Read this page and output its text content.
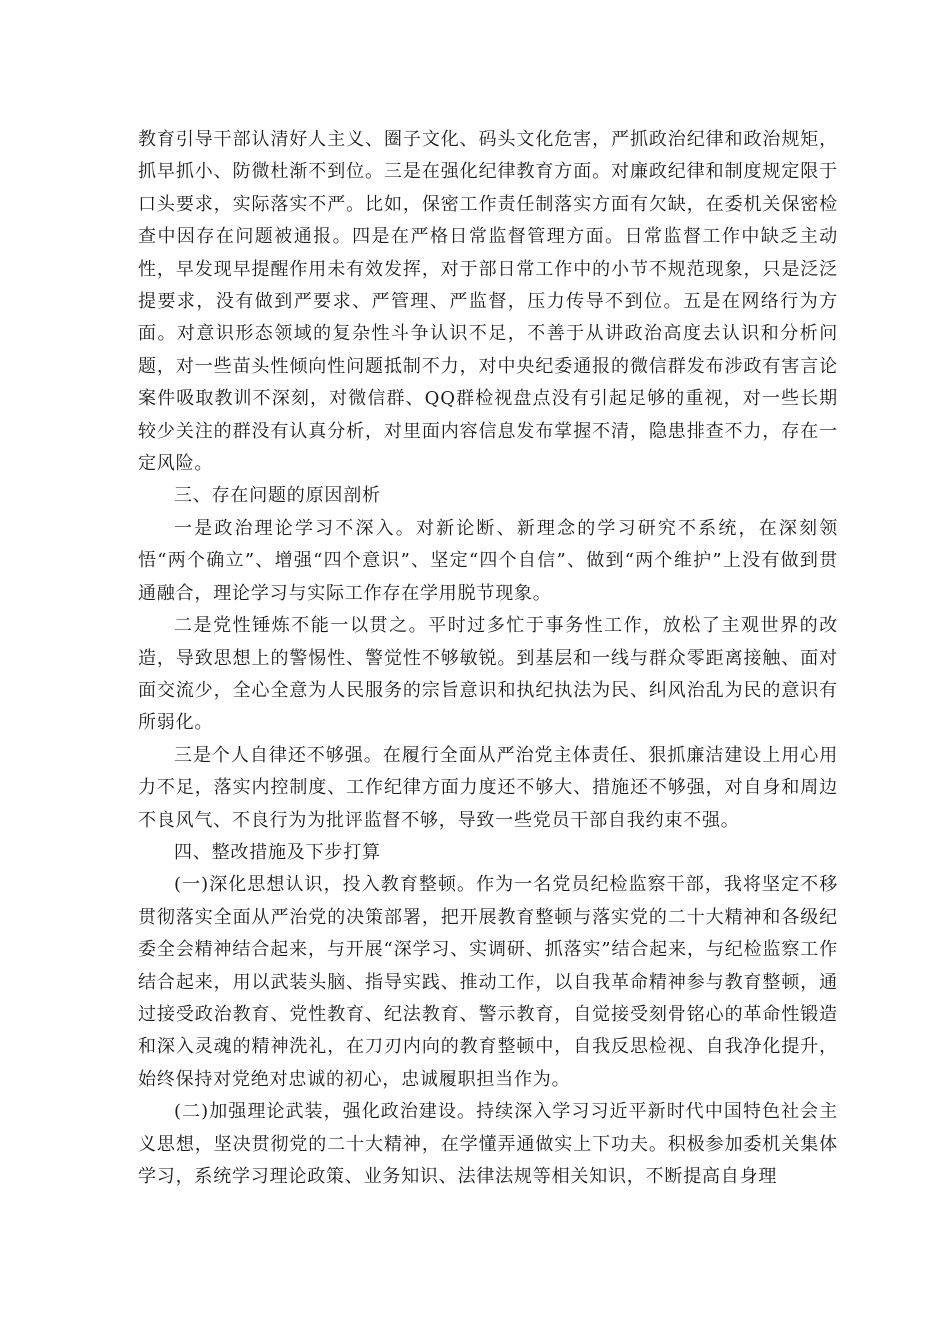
教育引导干部认清好人主义、圈子文化、码头文化危害，严抓政治纪律和政治规矩，抓早抓小、防微杜渐不到位。三是在强化纪律教育方面。对廉政纪律和制度规定限于口头要求，实际落实不严。比如，保密工作责任制落实方面有欠缺，在委机关保密检查中因存在问题被通报。四是在严格日常监督管理方面。日常监督工作中缺乏主动性，早发现早提醒作用未有效发挥，对于部日常工作中的小节不规范现象，只是泛泛提要求，没有做到严要求、严管理、严监督，压力传导不到位。五是在网络行为方面。对意识形态领域的复杂性斗争认识不足，不善于从讲政治高度去认识和分析问题，对一些苗头性倾向性问题抵制不力，对中央纪委通报的微信群发布涉政有害言论案件吸取教训不深刻，对微信群、QQ群检视盘点没有引起足够的重视，对一些长期较少关注的群没有认真分析，对里面内容信息发布掌握不清，隐患排查不力，存在一定风险。

三、存在问题的原因剖析

一是政治理论学习不深入。对新论断、新理念的学习研究不系统，在深刻领悟“两个确立”、增强“四个意识”、坚定“四个自信”、做到“两个维护”上没有做到贯通融合，理论学习与实际工作存在学用脱节现象。

二是党性锤炼不能一以贯之。平时过多忙于事务性工作，放松了主观世界的改造，导致思想上的警惕性、警觉性不够敏锐。到基层和一线与群众零距离接触、面对面交流少，全心全意为人民服务的宗旨意识和执纪执法为民、纠风治乱为民的意识有所弱化。

三是个人自律还不够强。在履行全面从严治党主体责任、狠抓廉洁建设上用心用力不足，落实内控制度、工作纪律方面力度还不够大、措施还不够强，对自身和周边不良风气、不良行为为批评监督不够，导致一些党员干部自我约束不强。

四、整改措施及下步打算

(一)深化思想认识，投入教育整顿。作为一名党员纪检监察干部，我将坚定不移贯彻落实全面从严治党的决策部署，把开展教育整顿与落实党的二十大精神和各级纪委全会精神结合起来，与开展“深学习、实调研、抓落实”结合起来，与纪检监察工作结合起来，用以武装头脑、指导实践、推动工作，以自我革命精神参与教育整顿，通过接受政治教育、党性教育、纪法教育、警示教育，自觉接受刻骨铭心的革命性锻造和深入灵魂的精神洗礼，在刀刃内向的教育整顿中，自我反思检视、自我净化提升，始终保持对党绝对忠诚的初心，忠诚履职担当作为。

(二)加强理论武装，强化政治建设。持续深入学习习近平新时代中国特色社会主义思想，坚决贯彻党的二十大精神，在学懂弄通做实上下功夫。积极参加委机关集体学习，系统学习理论政策、业务知识、法律法规等相关知识，不断提高自身理
